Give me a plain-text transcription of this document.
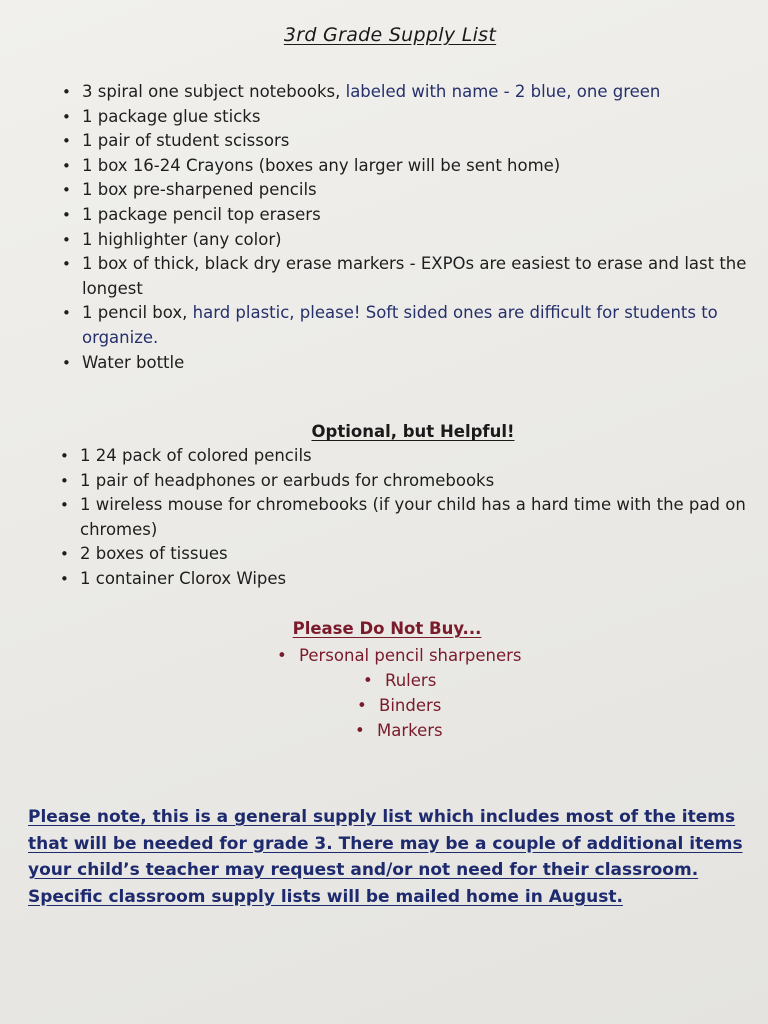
3rd Grade Supply List
• 3 spiral one subject notebooks, labeled with name - 2 blue, one green
• 1 package glue sticks
• 1 pair of student scissors
• 1 box 16-24 Crayons (boxes any larger will be sent home)
• 1 box pre-sharpened pencils
• 1 package pencil top erasers
• 1 highlighter (any color)
• 1 box of thick, black dry erase markers - EXPOs are easiest to erase and last the longest
• 1 pencil box, hard plastic, please! Soft sided ones are difficult for students to organize.
• Water bottle
Optional, but Helpful!
• 1 24 pack of colored pencils
• 1 pair of headphones or earbuds for chromebooks
• 1 wireless mouse for chromebooks (if your child has a hard time with the pad on chromes)
• 2 boxes of tissues
• 1 container Clorox Wipes
Please Do Not Buy...
• Personal pencil sharpeners
• Rulers
• Binders
• Markers

Please note, this is a general supply list which includes most of the items that will be needed for grade 3. There may be a couple of additional items your child’s teacher may request and/or not need for their classroom. Specific classroom supply lists will be mailed home in August.
